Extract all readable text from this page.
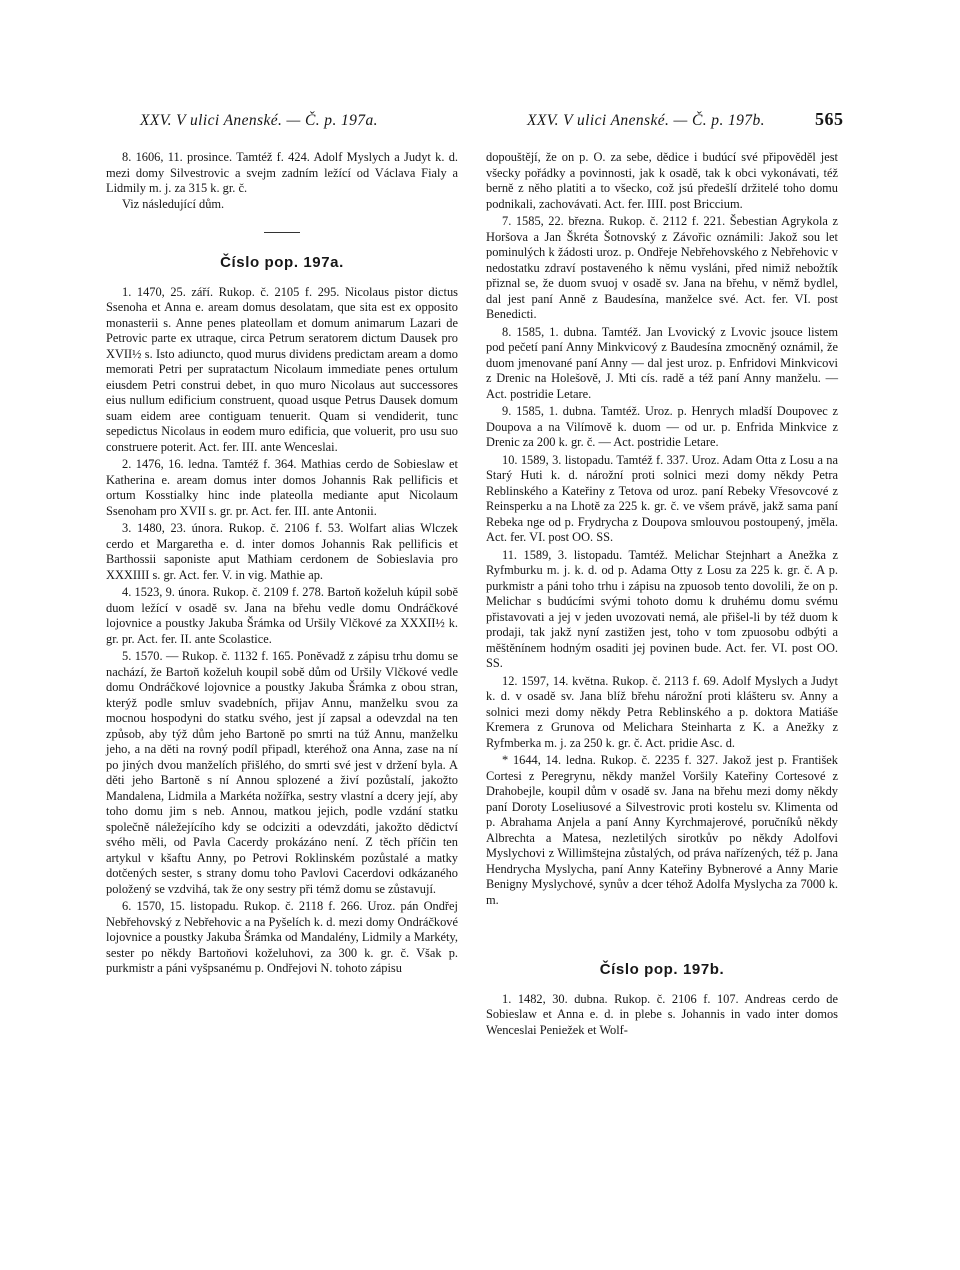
XXV. V ulici Anenské. — Č. p. 197a.	XXV. V ulici Anenské. — Č. p. 197b.	565

8. 1606, 11. prosince. Tamtéž f. 424. Adolf Myslych a Judyt k. d. mezi domy Silvestrovic a svejm zadním ležící od Václava Fialy a Lidmily m. j. za 315 k. gr. č.

Viz následující dům.

Číslo pop. 197a.

1. 1470, 25. září. Rukop. č. 2105 f. 295. Nicolaus pistor dictus Ssenoha et Anna e. aream domus desolatam, que sita est ex opposito monasterii s. Anne penes plateollam et domum animarum Lazari de Petrovic parte ex utraque, circa Petrum seratorem dictum Dausek pro XVII½ s. Isto adiuncto, quod murus dividens predictam aream a domo memorati Petri per supratactum Nicolaum immediate penes ortulum eiusdem Petri construi debet, in quo muro Nicolaus aut successores eius nullum edificium construent, quoad usque Petrus Dausek domum suam eidem aree contiguam tenuerit. Quam si vendiderit, tunc sepedictus Nicolaus in eodem muro edificia, que voluerit, pro usu suo construere poterit. Act. fer. III. ante Wenceslai.

2. 1476, 16. ledna. Tamtéž f. 364. Mathias cerdo de Sobieslaw et Katherina e. aream domus inter domos Johannis Rak pellificis et ortum Kosstialky hinc inde plateolla mediante aput Nicolaum Ssenoham pro XVII s. gr. pr. Act. fer. III. ante Antonii.

3. 1480, 23. února. Rukop. č. 2106 f. 53. Wolfart alias Wlczek cerdo et Margaretha e. d. inter domos Johannis Rak pellificis et Barthossii saponiste aput Mathiam cerdonem de Sobieslavia pro XXXIIII s. gr. Act. fer. V. in vig. Mathie ap.

4. 1523, 9. února. Rukop. č. 2109 f. 278. Bartoň koželuh kúpil sobě duom ležící v osadě sv. Jana na břehu vedle domu Ondráčkové lojovnice a poustky Jakuba Šrámka od Uršily Vlčkové za XXXII½ k. gr. pr. Act. fer. II. ante Scolastice.

5. 1570. — Rukop. č. 1132 f. 165. Poněvadž z zápisu trhu domu se nachází, že Bartoň koželuh koupil sobě dům od Uršily Vlčkové vedle domu Ondráčkové lojovnice a poustky Jakuba Šrámka z obou stran, kterýž podle smluv svadebních, přijav Annu, manželku svou za mocnou hospodyni do statku svého, jest jí zapsal a odevzdal na ten způsob, aby týž dům jeho Bartoně po smrti na túž Annu, manželku jeho, a na děti na rovný podíl připadl, kteréhož ona Anna, zase na ní po jiných dvou manželích přišlého, do smrti své jest v držení byla. A děti jeho Bartoně s ní Annou splozené a živí pozůstalí, jakožto Mandalena, Lidmila a Markéta nožířka, sestry vlastní a dcery její, aby toho domu jim s neb. Annou, matkou jejich, podle vzdání statku společně náležejícího kdy se odciziti a odevzdáti, jakožto dědictví svého měli, od Pavla Cacerdy prokázáno není. Z těch příčin ten artykul v kšaftu Anny, po Petrovi Roklinském pozůstalé a matky dotčených sester, s strany domu toho Pavlovi Cacerdovi odkázaného položený se vzdvihá, tak že ony sestry při témž domu se zůstavují.

6. 1570, 15. listopadu. Rukop. č. 2118 f. 266. Uroz. pán Ondřej Nebřehovský z Nebřehovic a na Pyšelích k. d. mezi domy Ondráčkové lojovnice a poustky Jakuba Šrámka od Mandalény, Lidmily a Markéty, sester po někdy Bartoňovi koželuhovi, za 300 k. gr. č. Však p. purkmistr a páni vyšpsanému p. Ondřejovi N. tohoto zápisu

dopouštějí, že on p. O. za sebe, dědice i budúcí své připověděl jest všecky pořádky a povinnosti, jak k osadě, tak k obci vykonávati, též berně z něho platiti a to všecko, což jsú předešlí držitelé toho domu podnikali, zachovávati. Act. fer. IIII. post Briccium.

7. 1585, 22. března. Rukop. č. 2112 f. 221. Šebestian Agrykola z Horšova a Jan Škréta Šotnovský z Závořic oznámili: Jakož sou let pominulých k žádosti uroz. p. Ondřeje Nebřehovského z Nebřehovic v nedostatku zdraví postaveného k němu vysláni, před nimiž nebožtík přiznal se, že duom svuoj v osadě sv. Jana na břehu, v němž bydlel, dal jest paní Anně z Baudesína, manželce své. Act. fer. VI. post Benedicti.

8. 1585, 1. dubna. Tamtéž. Jan Lvovický z Lvovic jsouce listem pod pečetí paní Anny Minkvicový z Baudesína zmocněný oznámil, že duom jmenované paní Anny — dal jest uroz. p. Enfridovi Minkvicovi z Drenic na Holešově, J. Mti cís. radě a též paní Anny manželu. — Act. postridie Letare.

9. 1585, 1. dubna. Tamtéž. Uroz. p. Henrych mladší Doupovec z Doupova a na Vilímově k. duom — od ur. p. Enfrida Minkvice z Drenic za 200 k. gr. č. — Act. postridie Letare.

10. 1589, 3. listopadu. Tamtéž f. 337. Uroz. Adam Otta z Losu a na Starý Huti k. d. nárožní proti solnici mezi domy někdy Petra Reblinského a Kateřiny z Tetova od uroz. paní Rebeky Vřesovcové z Reinsperku a na Lhotě za 225 k. gr. č. ve všem právě, jakž sama paní Rebeka nge od p. Frydrycha z Doupova smlouvou postoupený, jměla. Act. fer. VI. post OO. SS.

11. 1589, 3. listopadu. Tamtéž. Melichar Stejnhart a Anežka z Ryfmburku m. j. k. d. od p. Adama Otty z Losu za 225 k. gr. č. A p. purkmistr a páni toho trhu i zápisu na zpuosob tento dovolili, že on p. Melichar s budúcími svými tohoto domu k druhému domu svému přistavovati a jej v jeden uvozovati nemá, ale přišel-li by též duom k prodaji, tak jakž nyní zastižen jest, toho v tom zpuosobu odbýti a měštěnínem hodným osaditi jej povinen bude. Act. fer. VI. post OO. SS.

12. 1597, 14. května. Rukop. č. 2113 f. 69. Adolf Myslych a Judyt k. d. v osadě sv. Jana blíž břehu nárožní proti klášteru sv. Anny a solnici mezi domy někdy Petra Reblinského a p. doktora Matiáše Kremera z Grunova od Melichara Steinharta z K. a Anežky z Ryfmberka m. j. za 250 k. gr. č. Act. pridie Asc. d.

* 1644, 14. ledna. Rukop. č. 2235 f. 327. Jakož jest p. František Cortesi z Peregrynu, někdy manžel Voršily Kateřiny Cortesové z Drahobejle, koupil dům v osadě sv. Jana na břehu mezi domy někdy paní Doroty Loseliusové a Silvestrovic proti kostelu sv. Klimenta od p. Abrahama Anjela a paní Anny Kyrchmajerové, poručníků někdy Albrechta a Matesa, nezletilých sirotkův po někdy Adolfovi Myslychovi z Willimštejna zůstalých, od práva nařízených, též p. Jana Hendrycha Myslycha, paní Anny Kateřiny Bybnerové a Anny Marie Benigny Myslychové, synův a dcer téhož Adolfa Myslycha za 7000 k. m.

Číslo pop. 197b.

1. 1482, 30. dubna. Rukop. č. 2106 f. 107. Andreas cerdo de Sobieslaw et Anna e. d. in plebe s. Johannis in vado inter domos Wenceslai Peniežek et Wolf-
